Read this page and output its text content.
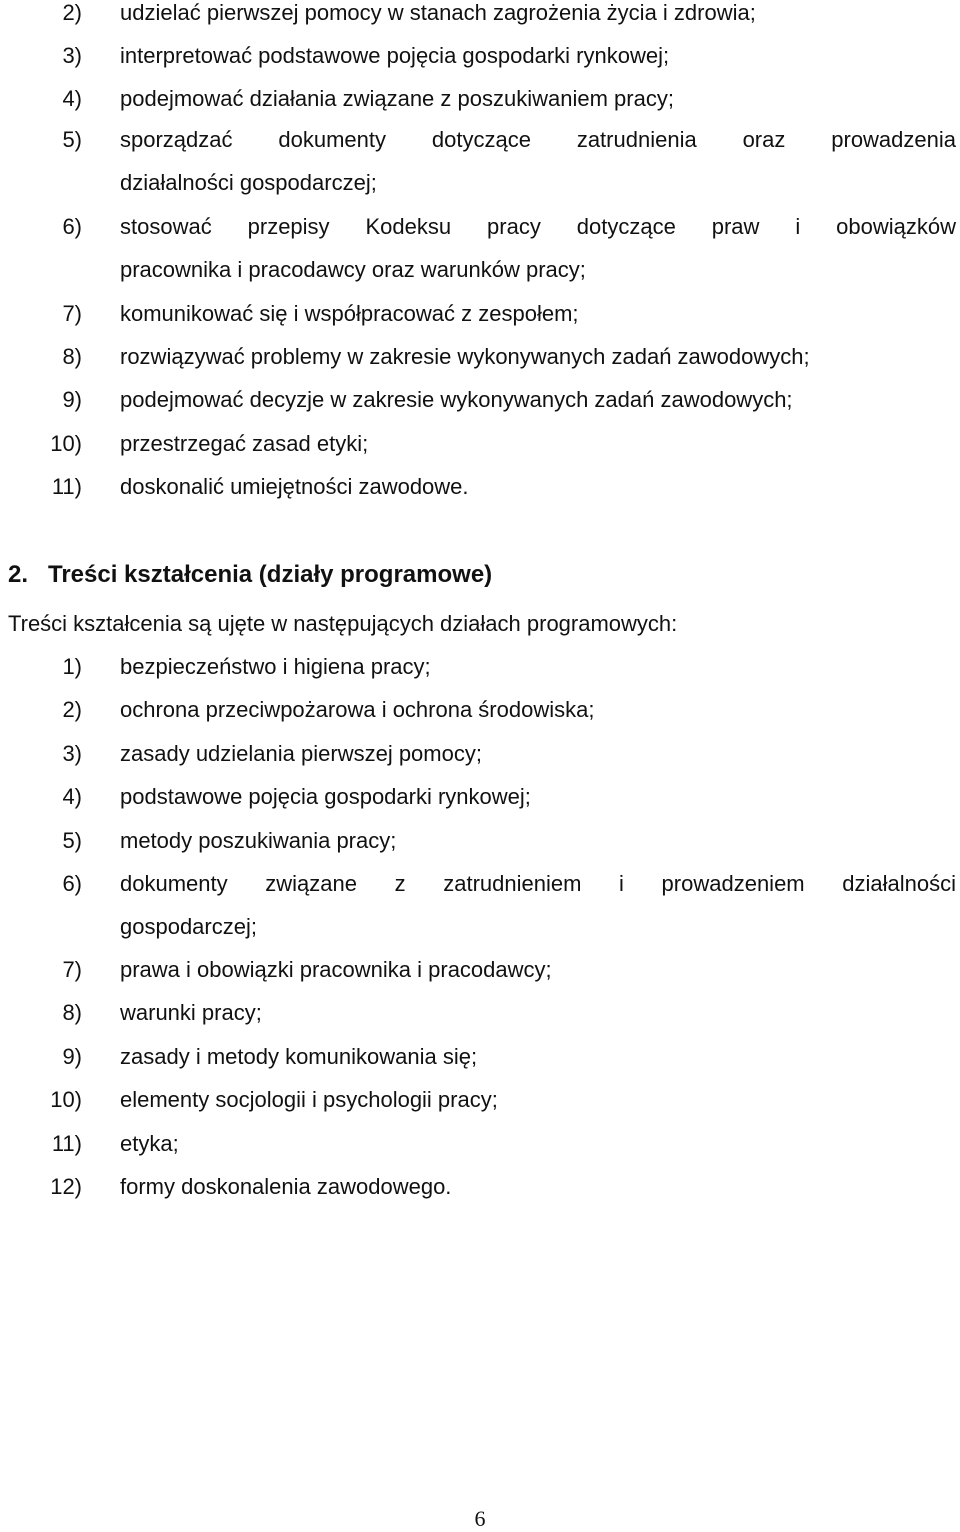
2)	udzielać pierwszej pomocy w stanach zagrożenia życia i zdrowia;
3)	interpretować podstawowe pojęcia gospodarki rynkowej;
4)	podejmować działania związane z poszukiwaniem pracy;
5)	sporządzać dokumenty dotyczące zatrudnienia oraz prowadzenia
działalności gospodarczej;
6)	stosować przepisy Kodeksu pracy dotyczące praw i obowiązków
pracownika i pracodawcy oraz warunków pracy;
7)	komunikować się i współpracować z zespołem;
8)	rozwiązywać problemy w zakresie wykonywanych zadań zawodowych;
9)	podejmować decyzje w zakresie wykonywanych zadań zawodowych;
10)	przestrzegać zasad etyki;
11)	doskonalić umiejętności zawodowe.
2. Treści kształcenia (działy programowe)
Treści kształcenia są ujęte w następujących działach programowych:
1)	bezpieczeństwo i higiena pracy;
2)	ochrona przeciwpożarowa i ochrona środowiska;
3)	zasady udzielania pierwszej pomocy;
4)	podstawowe pojęcia gospodarki rynkowej;
5)	metody poszukiwania pracy;
6)	dokumenty związane z zatrudnieniem i prowadzeniem działalności
gospodarczej;
7)	prawa i obowiązki pracownika i pracodawcy;
8)	warunki pracy;
9)	zasady i metody komunikowania się;
10)	elementy socjologii i psychologii pracy;
11)	etyka;
12)	formy doskonalenia zawodowego.
6
